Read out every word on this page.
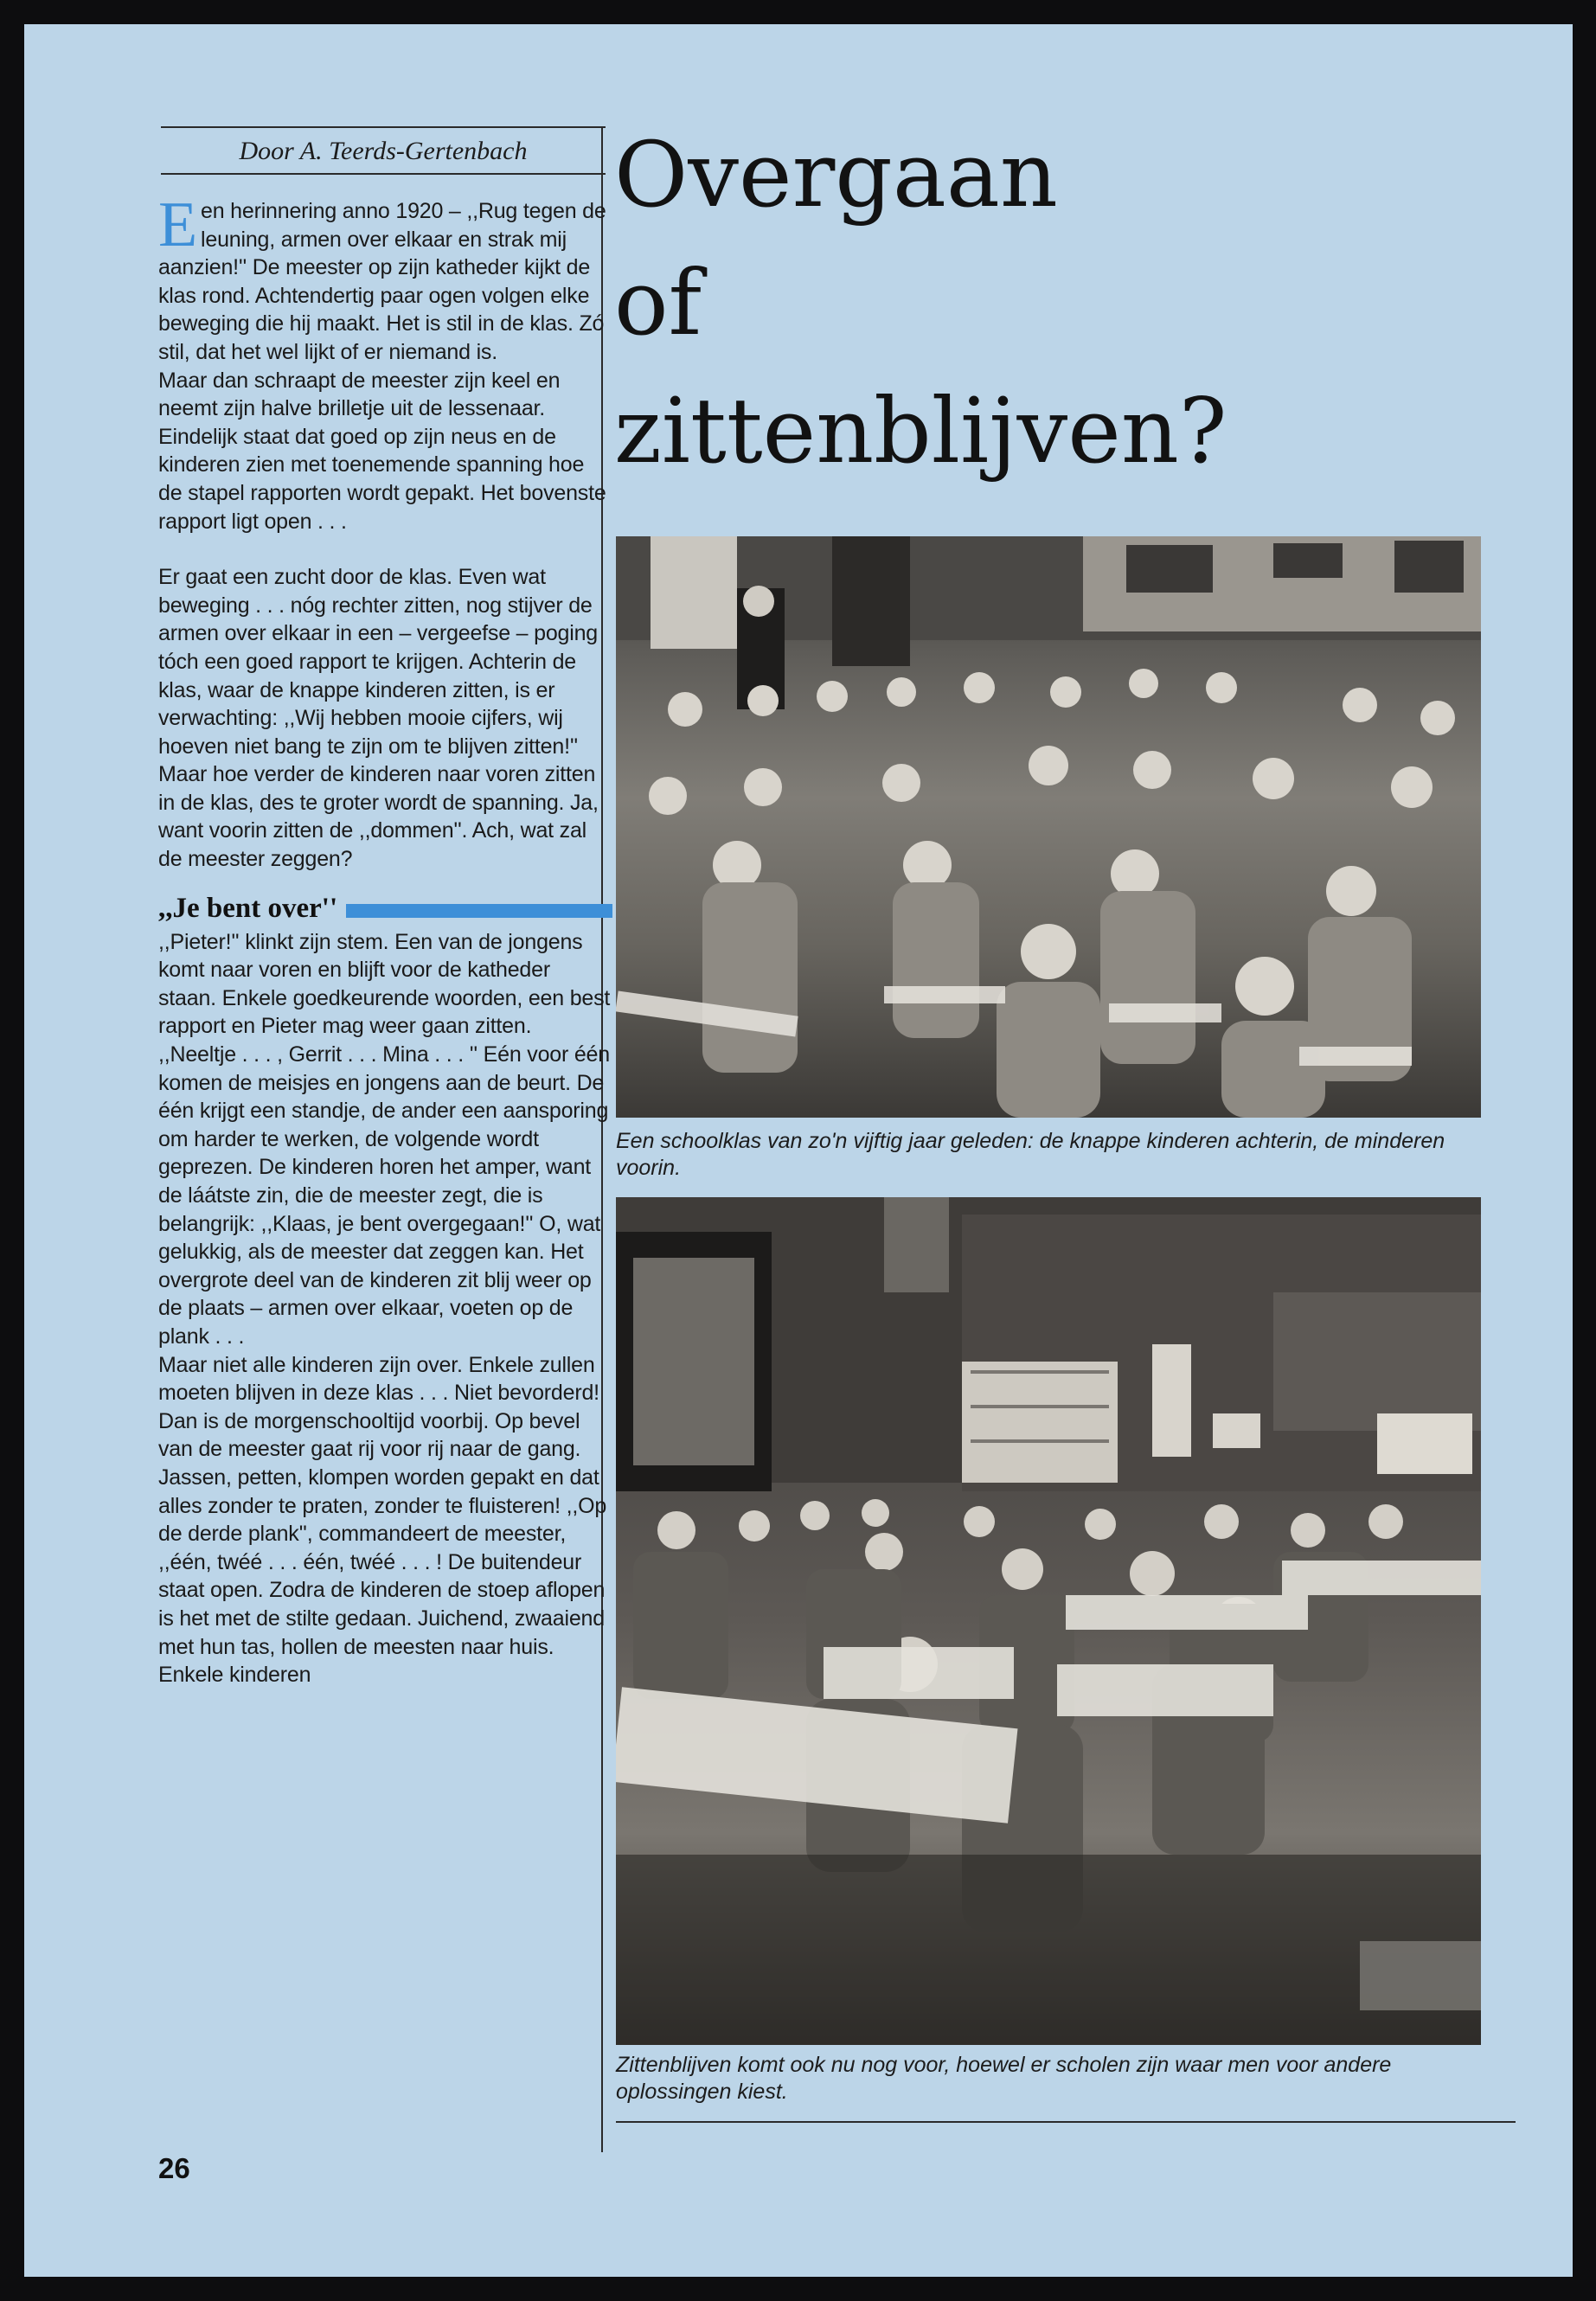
Door A. Teerds-Gertenbach

Een herinnering anno 1920 – ,,Rug tegen de leuning, armen over elkaar en strak mij aanzien!'' De meester op zijn katheder kijkt de klas rond. Achtendertig paar ogen volgen elke beweging die hij maakt. Het is stil in de klas. Zó stil, dat het wel lijkt of er niemand is.

Maar dan schraapt de meester zijn keel en neemt zijn halve brilletje uit de lessenaar. Eindelijk staat dat goed op zijn neus en de kinderen zien met toenemende spanning hoe de stapel rapporten wordt gepakt. Het bovenste rapport ligt open . . .

Er gaat een zucht door de klas. Even wat beweging . . . nóg rechter zitten, nog stijver de armen over elkaar in een – vergeefse – poging tóch een goed rapport te krijgen. Achterin de klas, waar de knappe kinderen zitten, is er verwachting: ,,Wij hebben mooie cijfers, wij hoeven niet bang te zijn om te blijven zitten!''

Maar hoe verder de kinderen naar voren zitten in de klas, des te groter wordt de spanning. Ja, want voorin zitten de ,,dommen''. Ach, wat zal de meester zeggen?

,,Je bent over''

,,Pieter!'' klinkt zijn stem. Een van de jongens komt naar voren en blijft voor de katheder staan. Enkele goedkeurende woorden, een best rapport en Pieter mag weer gaan zitten. ,,Neeltje . . . , Gerrit . . . Mina . . . '' Eén voor één komen de meisjes en jongens aan de beurt. De één krijgt een standje, de ander een aansporing om harder te werken, de volgende wordt geprezen. De kinderen horen het amper, want de láátste zin, die de meester zegt, die is belangrijk: ,,Klaas, je bent overgegaan!'' O, wat gelukkig, als de meester dat zeggen kan. Het overgrote deel van de kinderen zit blij weer op de plaats – armen over elkaar, voeten op de plank . . .

Maar niet alle kinderen zijn over. Enkele zullen moeten blijven in deze klas . . . Niet bevorderd! Dan is de morgenschooltijd voorbij. Op bevel van de meester gaat rij voor rij naar de gang. Jassen, petten, klompen worden gepakt en dat alles zonder te praten, zonder te fluisteren! ,,Op de derde plank'', commandeert de meester, ,,één, twéé . . . één, twéé . . . ! De buitendeur staat open. Zodra de kinderen de stoep aflopen is het met de stilte gedaan. Juichend, zwaaiend met hun tas, hollen de meesten naar huis. Enkele kinderen

Overgaan
of
zittenblijven?

Een schoolklas van zo'n vijftig jaar geleden: de knappe kinderen achterin, de minderen voorin.

Zittenblijven komt ook nu nog voor, hoewel er scholen zijn waar men voor andere oplossingen kiest.

26
